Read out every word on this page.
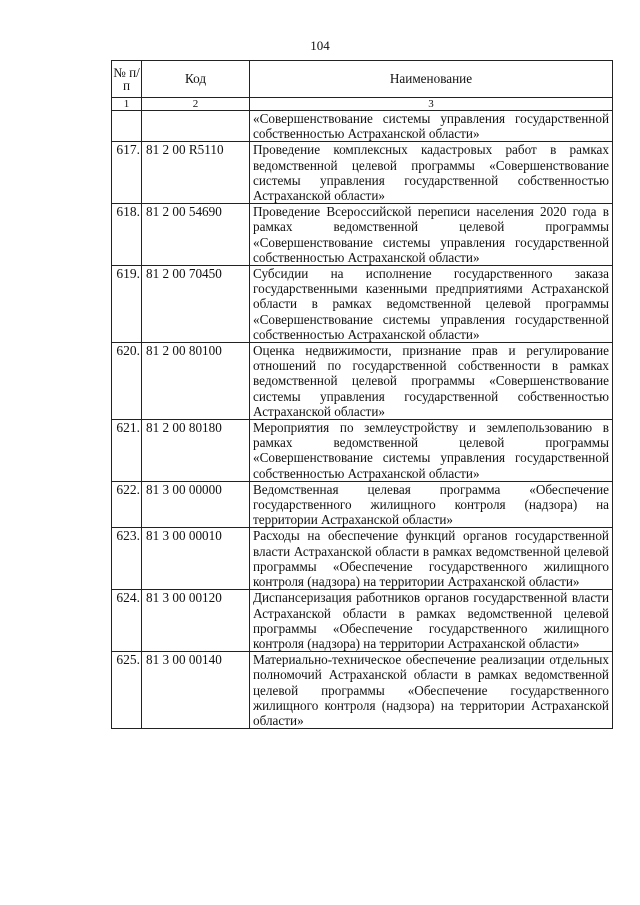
104
№ п/п	Код	Наименование
1	2	3
		«Совершенствование системы управления государственной собственностью Астраханской области»
617.	81 2 00 R5110	Проведение комплексных кадастровых работ в рамках ведомственной целевой программы «Совершенствование системы управления государственной собственностью Астраханской области»
618.	81 2 00 54690	Проведение Всероссийской переписи населения 2020 года в рамках ведомственной целевой программы «Совершенствование системы управления государственной собственностью Астраханской области»
619.	81 2 00 70450	Субсидии на исполнение государственного заказа государственными казенными предприятиями Астраханской области в рамках ведомственной целевой программы «Совершенствование системы управления государственной собственностью Астраханской области»
620.	81 2 00 80100	Оценка недвижимости, признание прав и регулирование отношений по государственной собственности в рамках ведомственной целевой программы «Совершенствование системы управления государственной собственностью Астраханской области»
621.	81 2 00 80180	Мероприятия по землеустройству и землепользованию в рамках ведомственной целевой программы «Совершенствование системы управления государственной собственностью Астраханской области»
622.	81 3 00 00000	Ведомственная целевая программа «Обеспечение государственного жилищного контроля (надзора) на территории Астраханской области»
623.	81 3 00 00010	Расходы на обеспечение функций органов государственной власти Астраханской области в рамках ведомственной целевой программы «Обеспечение государственного жилищного контроля (надзора) на территории Астраханской области»
624.	81 3 00 00120	Диспансеризация работников органов государственной власти Астраханской области в рамках ведомственной целевой программы «Обеспечение государственного жилищного контроля (надзора) на территории Астраханской области»
625.	81 3 00 00140	Материально-техническое обеспечение реализации отдельных полномочий Астраханской области в рамках ведомственной целевой программы «Обеспечение государственного жилищного контроля (надзора) на территории Астраханской области»
